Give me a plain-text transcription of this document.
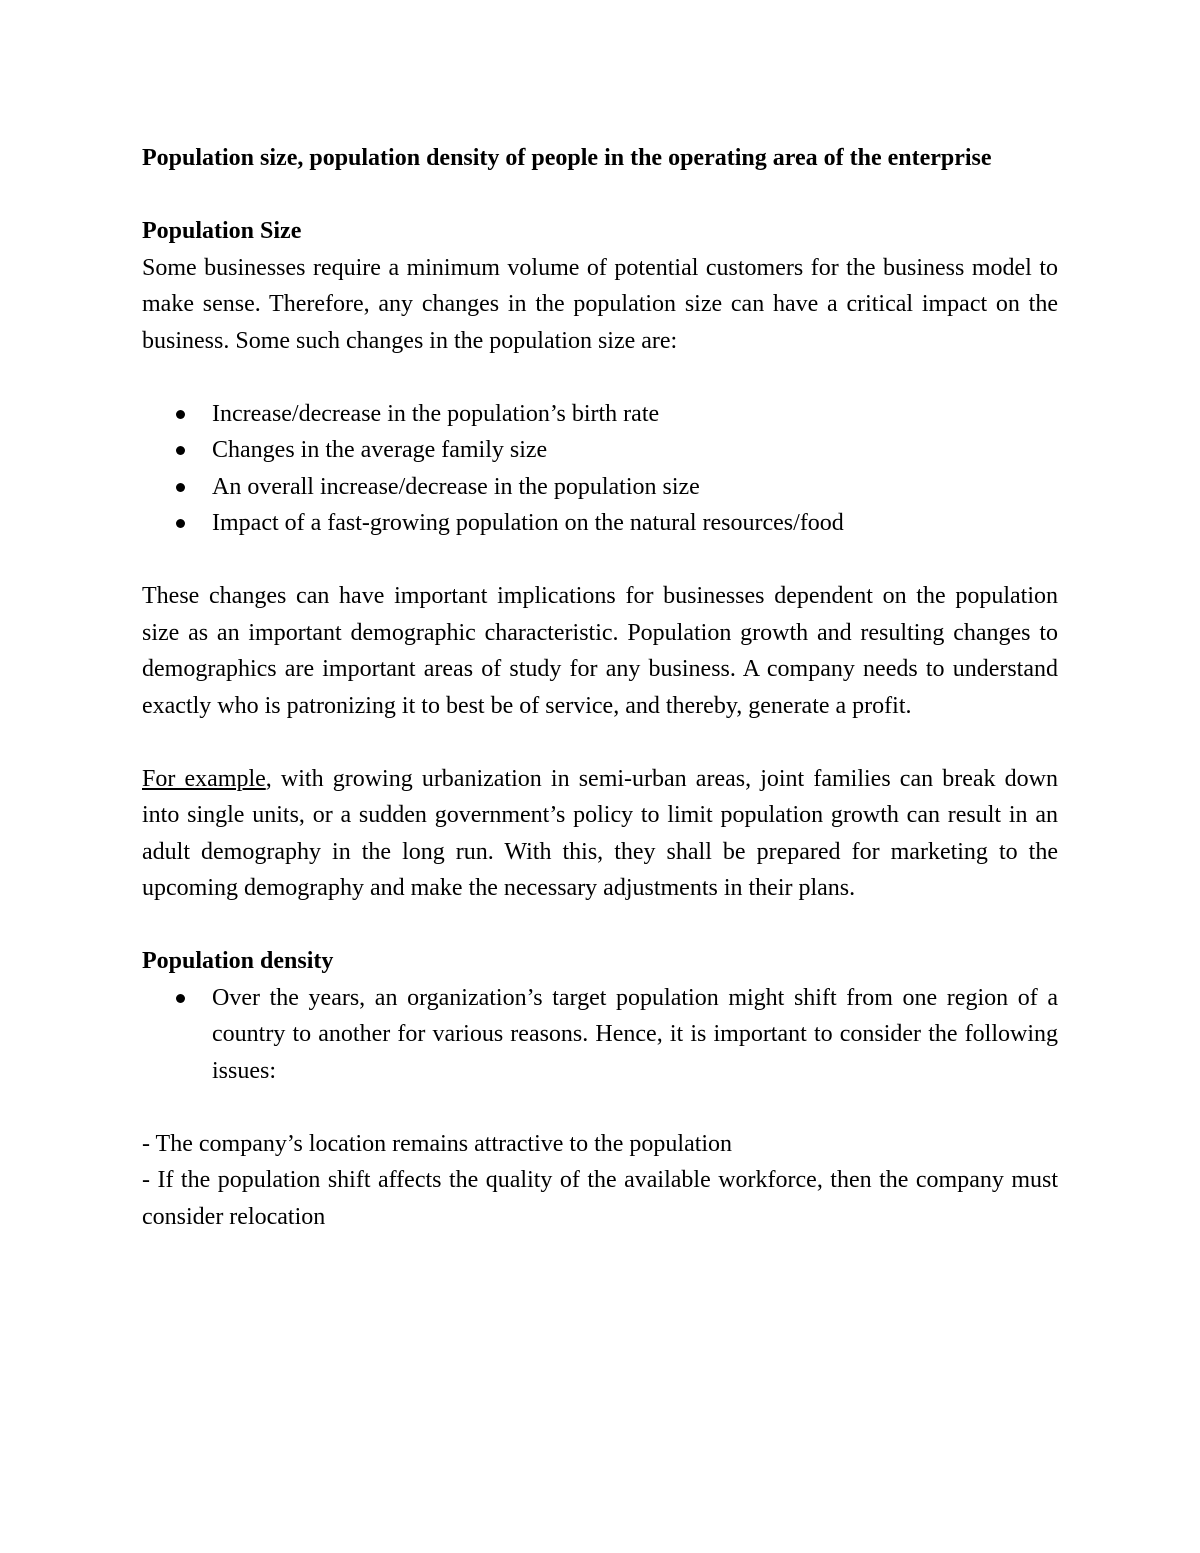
Population size, population density of people in the operating area of the enterprise

Population Size

Some businesses require a minimum volume of potential customers for the business model to make sense. Therefore, any changes in the population size can have a critical impact on the business. Some such changes in the population size are:

Increase/decrease in the population’s birth rate
Changes in the average family size
An overall increase/decrease in the population size
Impact of a fast-growing population on the natural resources/food

These changes can have important implications for businesses dependent on the population size as an important demographic characteristic. Population growth and resulting changes to demographics are important areas of study for any business. A company needs to understand exactly who is patronizing it to best be of service, and thereby, generate a profit.

For example, with growing urbanization in semi-urban areas, joint families can break down into single units, or a sudden government’s policy to limit population growth can result in an adult demography in the long run. With this, they shall be prepared for marketing to the upcoming demography and make the necessary adjustments in their plans.

Population density

Over the years, an organization’s target population might shift from one region of a country to another for various reasons. Hence, it is important to consider the following issues:

- The company’s location remains attractive to the population

- If the population shift affects the quality of the available workforce, then the company must consider relocation
